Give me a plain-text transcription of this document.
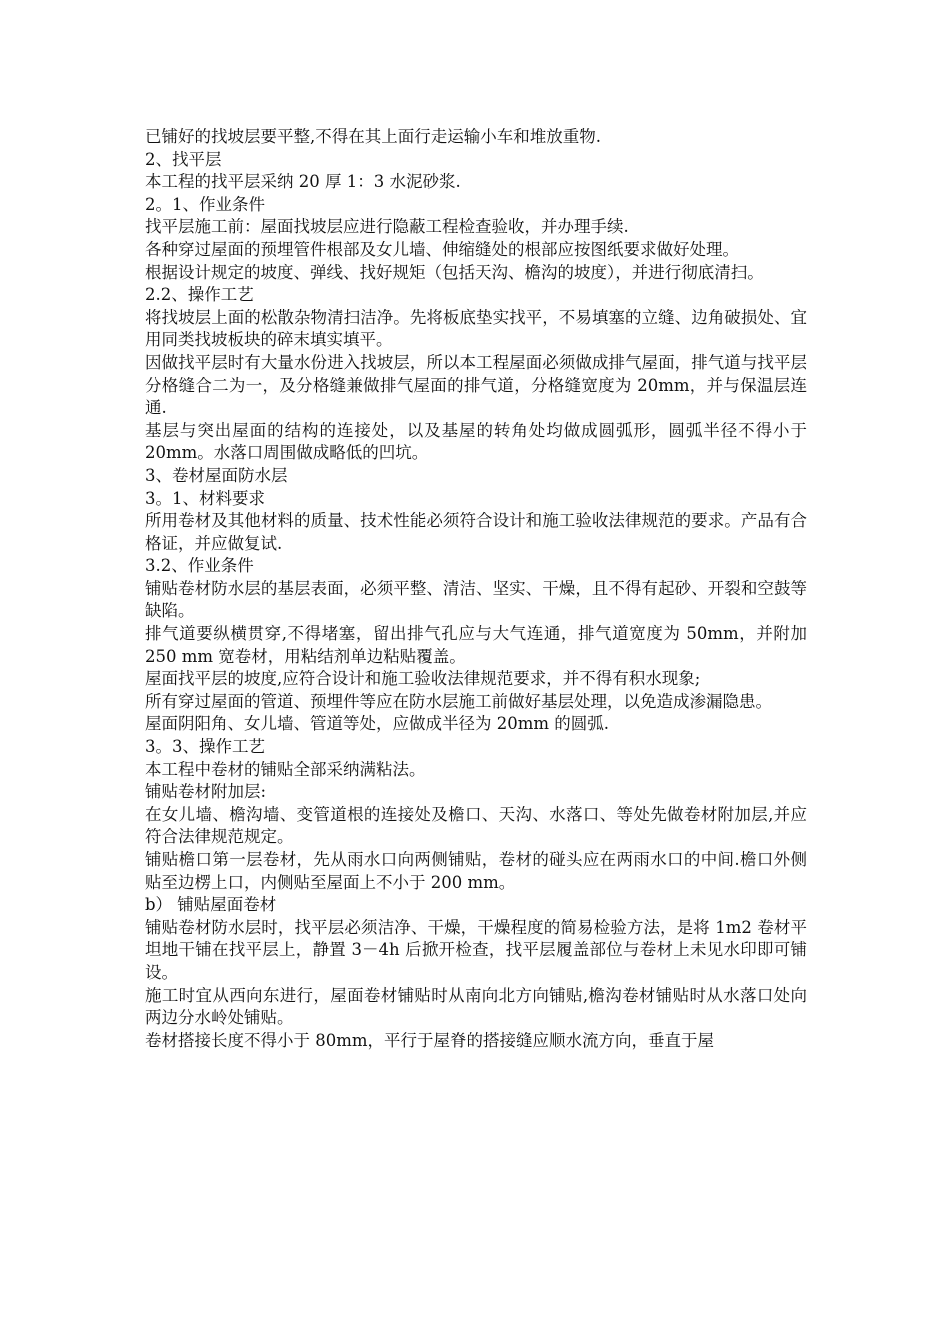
已铺好的找坡层要平整,不得在其上面行走运输小车和堆放重物.

2、找平层

本工程的找平层采纳 20 厚 1：3 水泥砂浆.

2。1、作业条件

找平层施工前：屋面找坡层应进行隐蔽工程检查验收，并办理手续.

各种穿过屋面的预埋管件根部及女儿墙、伸缩缝处的根部应按图纸要求做好处理。

根据设计规定的坡度、弹线、找好规矩（包括天沟、檐沟的坡度），并进行彻底清扫。

2.2、操作工艺

将找坡层上面的松散杂物清扫洁净。先将板底垫实找平，不易填塞的立缝、边角破损处、宜用同类找坡板块的碎末填实填平。

因做找平层时有大量水份进入找坡层，所以本工程屋面必须做成排气屋面，排气道与找平层分格缝合二为一，及分格缝兼做排气屋面的排气道，分格缝宽度为 20mm，并与保温层连通.

基层与突出屋面的结构的连接处，以及基屋的转角处均做成圆弧形，圆弧半径不得小于 20mm。水落口周围做成略低的凹坑。

3、卷材屋面防水层

3。1、材料要求

所用卷材及其他材料的质量、技术性能必须符合设计和施工验收法律规范的要求。产品有合格证，并应做复试.

3.2、作业条件

铺贴卷材防水层的基层表面，必须平整、清洁、坚实、干燥，且不得有起砂、开裂和空鼓等缺陷。

排气道要纵横贯穿,不得堵塞，留出排气孔应与大气连通，排气道宽度为 50mm，并附加 250 mm 宽卷材，用粘结剂单边粘贴覆盖。

屋面找平层的坡度,应符合设计和施工验收法律规范要求，并不得有积水现象;

所有穿过屋面的管道、预埋件等应在防水层施工前做好基层处理，以免造成渗漏隐患。

屋面阴阳角、女儿墙、管道等处，应做成半径为 20mm 的圆弧.

3。3、操作工艺

本工程中卷材的铺贴全部采纳满粘法。

铺贴卷材附加层:

在女儿墙、檐沟墙、变管道根的连接处及檐口、天沟、水落口、等处先做卷材附加层,并应符合法律规范规定。

铺贴檐口第一层卷材，先从雨水口向两侧铺贴，卷材的碰头应在两雨水口的中间.檐口外侧贴至边楞上口，内侧贴至屋面上不小于 200 mm。

b） 铺贴屋面卷材

铺贴卷材防水层时，找平层必须洁净、干燥，干燥程度的简易检验方法，是将 1m2 卷材平坦地干铺在找平层上，静置 3－4h 后掀开检查，找平层履盖部位与卷材上未见水印即可铺设。

施工时宜从西向东进行，屋面卷材铺贴时从南向北方向铺贴,檐沟卷材铺贴时从水落口处向两边分水岭处铺贴。

卷材搭接长度不得小于 80mm，平行于屋脊的搭接缝应顺水流方向，垂直于屋
